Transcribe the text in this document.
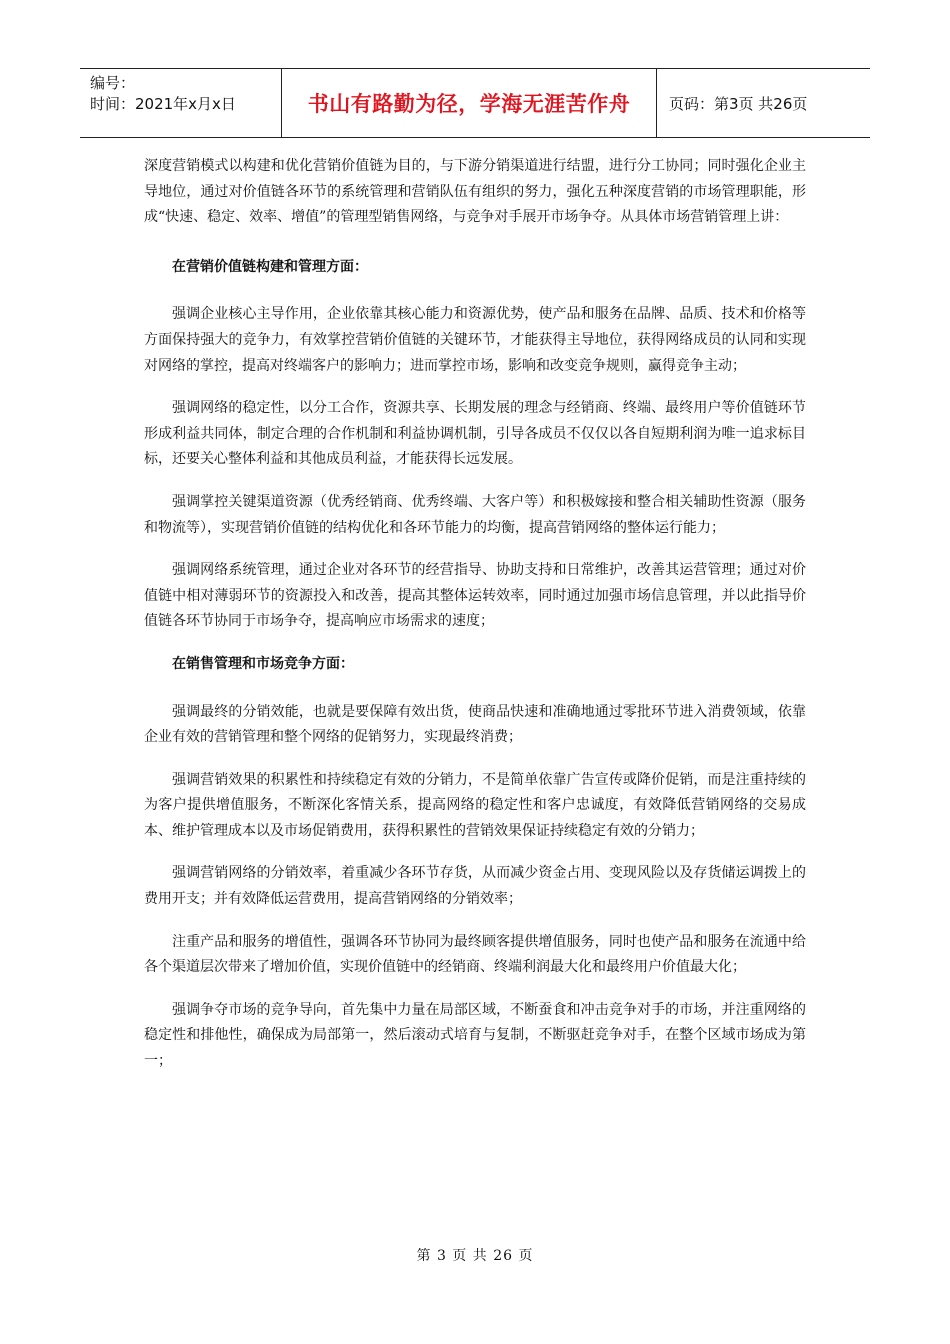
编号：
时间：2021年x月x日	书山有路勤为径，学海无涯苦作舟	页码：第3页 共26页

深度营销模式以构建和优化营销价值链为目的，与下游分销渠道进行结盟，进行分工协同；同时强化企业主导地位，通过对价值链各环节的系统管理和营销队伍有组织的努力，强化五种深度营销的市场管理职能，形成“快速、稳定、效率、增值”的管理型销售网络，与竞争对手展开市场争夺。从具体市场营销管理上讲：

在营销价值链构建和管理方面：

强调企业核心主导作用，企业依靠其核心能力和资源优势，使产品和服务在品牌、品质、技术和价格等方面保持强大的竞争力，有效掌控营销价值链的关键环节，才能获得主导地位，获得网络成员的认同和实现对网络的掌控，提高对终端客户的影响力；进而掌控市场，影响和改变竞争规则，赢得竞争主动；

强调网络的稳定性，以分工合作，资源共享、长期发展的理念与经销商、终端、最终用户等价值链环节形成利益共同体，制定合理的合作机制和利益协调机制，引导各成员不仅仅以各自短期利润为唯一追求标目标，还要关心整体利益和其他成员利益，才能获得长远发展。

强调掌控关键渠道资源（优秀经销商、优秀终端、大客户等）和积极嫁接和整合相关辅助性资源（服务和物流等），实现营销价值链的结构优化和各环节能力的均衡，提高营销网络的整体运行能力；

强调网络系统管理，通过企业对各环节的经营指导、协助支持和日常维护，改善其运营管理；通过对价值链中相对薄弱环节的资源投入和改善，提高其整体运转效率，同时通过加强市场信息管理，并以此指导价值链各环节协同于市场争夺，提高响应市场需求的速度；

在销售管理和市场竞争方面：

强调最终的分销效能，也就是要保障有效出货，使商品快速和准确地通过零批环节进入消费领域，依靠企业有效的营销管理和整个网络的促销努力，实现最终消费；

强调营销效果的积累性和持续稳定有效的分销力，不是简单依靠广告宣传或降价促销，而是注重持续的为客户提供增值服务，不断深化客情关系，提高网络的稳定性和客户忠诚度，有效降低营销网络的交易成本、维护管理成本以及市场促销费用，获得积累性的营销效果保证持续稳定有效的分销力；

强调营销网络的分销效率，着重减少各环节存货，从而减少资金占用、变现风险以及存货储运调拨上的费用开支；并有效降低运营费用，提高营销网络的分销效率；

注重产品和服务的增值性，强调各环节协同为最终顾客提供增值服务，同时也使产品和服务在流通中给各个渠道层次带来了增加价值，实现价值链中的经销商、终端利润最大化和最终用户价值最大化；

强调争夺市场的竞争导向，首先集中力量在局部区域，不断蚕食和冲击竞争对手的市场，并注重网络的稳定性和排他性，确保成为局部第一，然后滚动式培育与复制，不断驱赶竞争对手，在整个区域市场成为第一；

第 3 页 共 26 页
